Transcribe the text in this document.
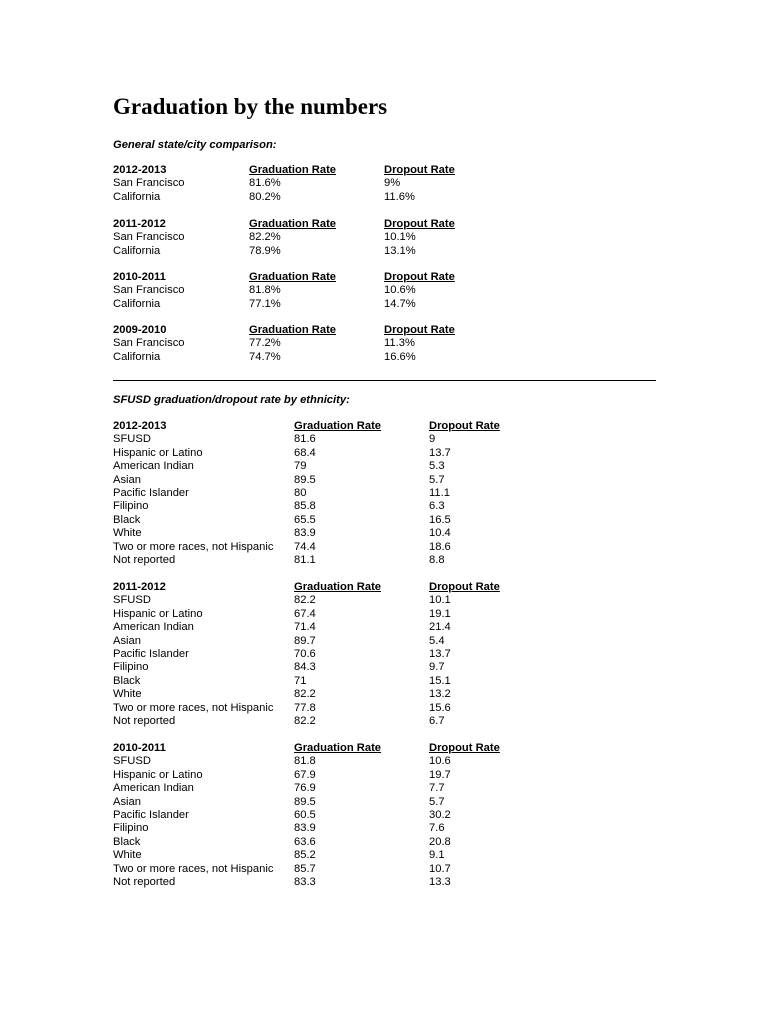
Graduation by the numbers
General state/city comparison:
2012-2013	Graduation Rate	Dropout Rate
San Francisco	81.6%	9%
California	80.2%	11.6%
2011-2012	Graduation Rate	Dropout Rate
San Francisco	82.2%	10.1%
California	78.9%	13.1%
2010-2011	Graduation Rate	Dropout Rate
San Francisco	81.8%	10.6%
California	77.1%	14.7%
2009-2010	Graduation Rate	Dropout Rate
San Francisco	77.2%	11.3%
California	74.7%	16.6%
SFUSD graduation/dropout rate by ethnicity:
2012-2013	Graduation Rate	Dropout Rate
SFUSD	81.6	9
Hispanic or Latino	68.4	13.7
American Indian	79	5.3
Asian	89.5	5.7
Pacific Islander	80	11.1
Filipino	85.8	6.3
Black	65.5	16.5
White	83.9	10.4
Two or more races, not Hispanic 74.4	18.6
Not reported	81.1	8.8
2011-2012	Graduation Rate	Dropout Rate
SFUSD	82.2	10.1
Hispanic or Latino	67.4	19.1
American Indian	71.4	21.4
Asian	89.7	5.4
Pacific Islander	70.6	13.7
Filipino	84.3	9.7
Black	71	15.1
White	82.2	13.2
Two or more races, not Hispanic 77.8	15.6
Not reported	82.2	6.7
2010-2011	Graduation Rate	Dropout Rate
SFUSD	81.8	10.6
Hispanic or Latino	67.9	19.7
American Indian	76.9	7.7
Asian	89.5	5.7
Pacific Islander	60.5	30.2
Filipino	83.9	7.6
Black	63.6	20.8
White	85.2	9.1
Two or more races, not Hispanic 85.7	10.7
Not reported	83.3	13.3
